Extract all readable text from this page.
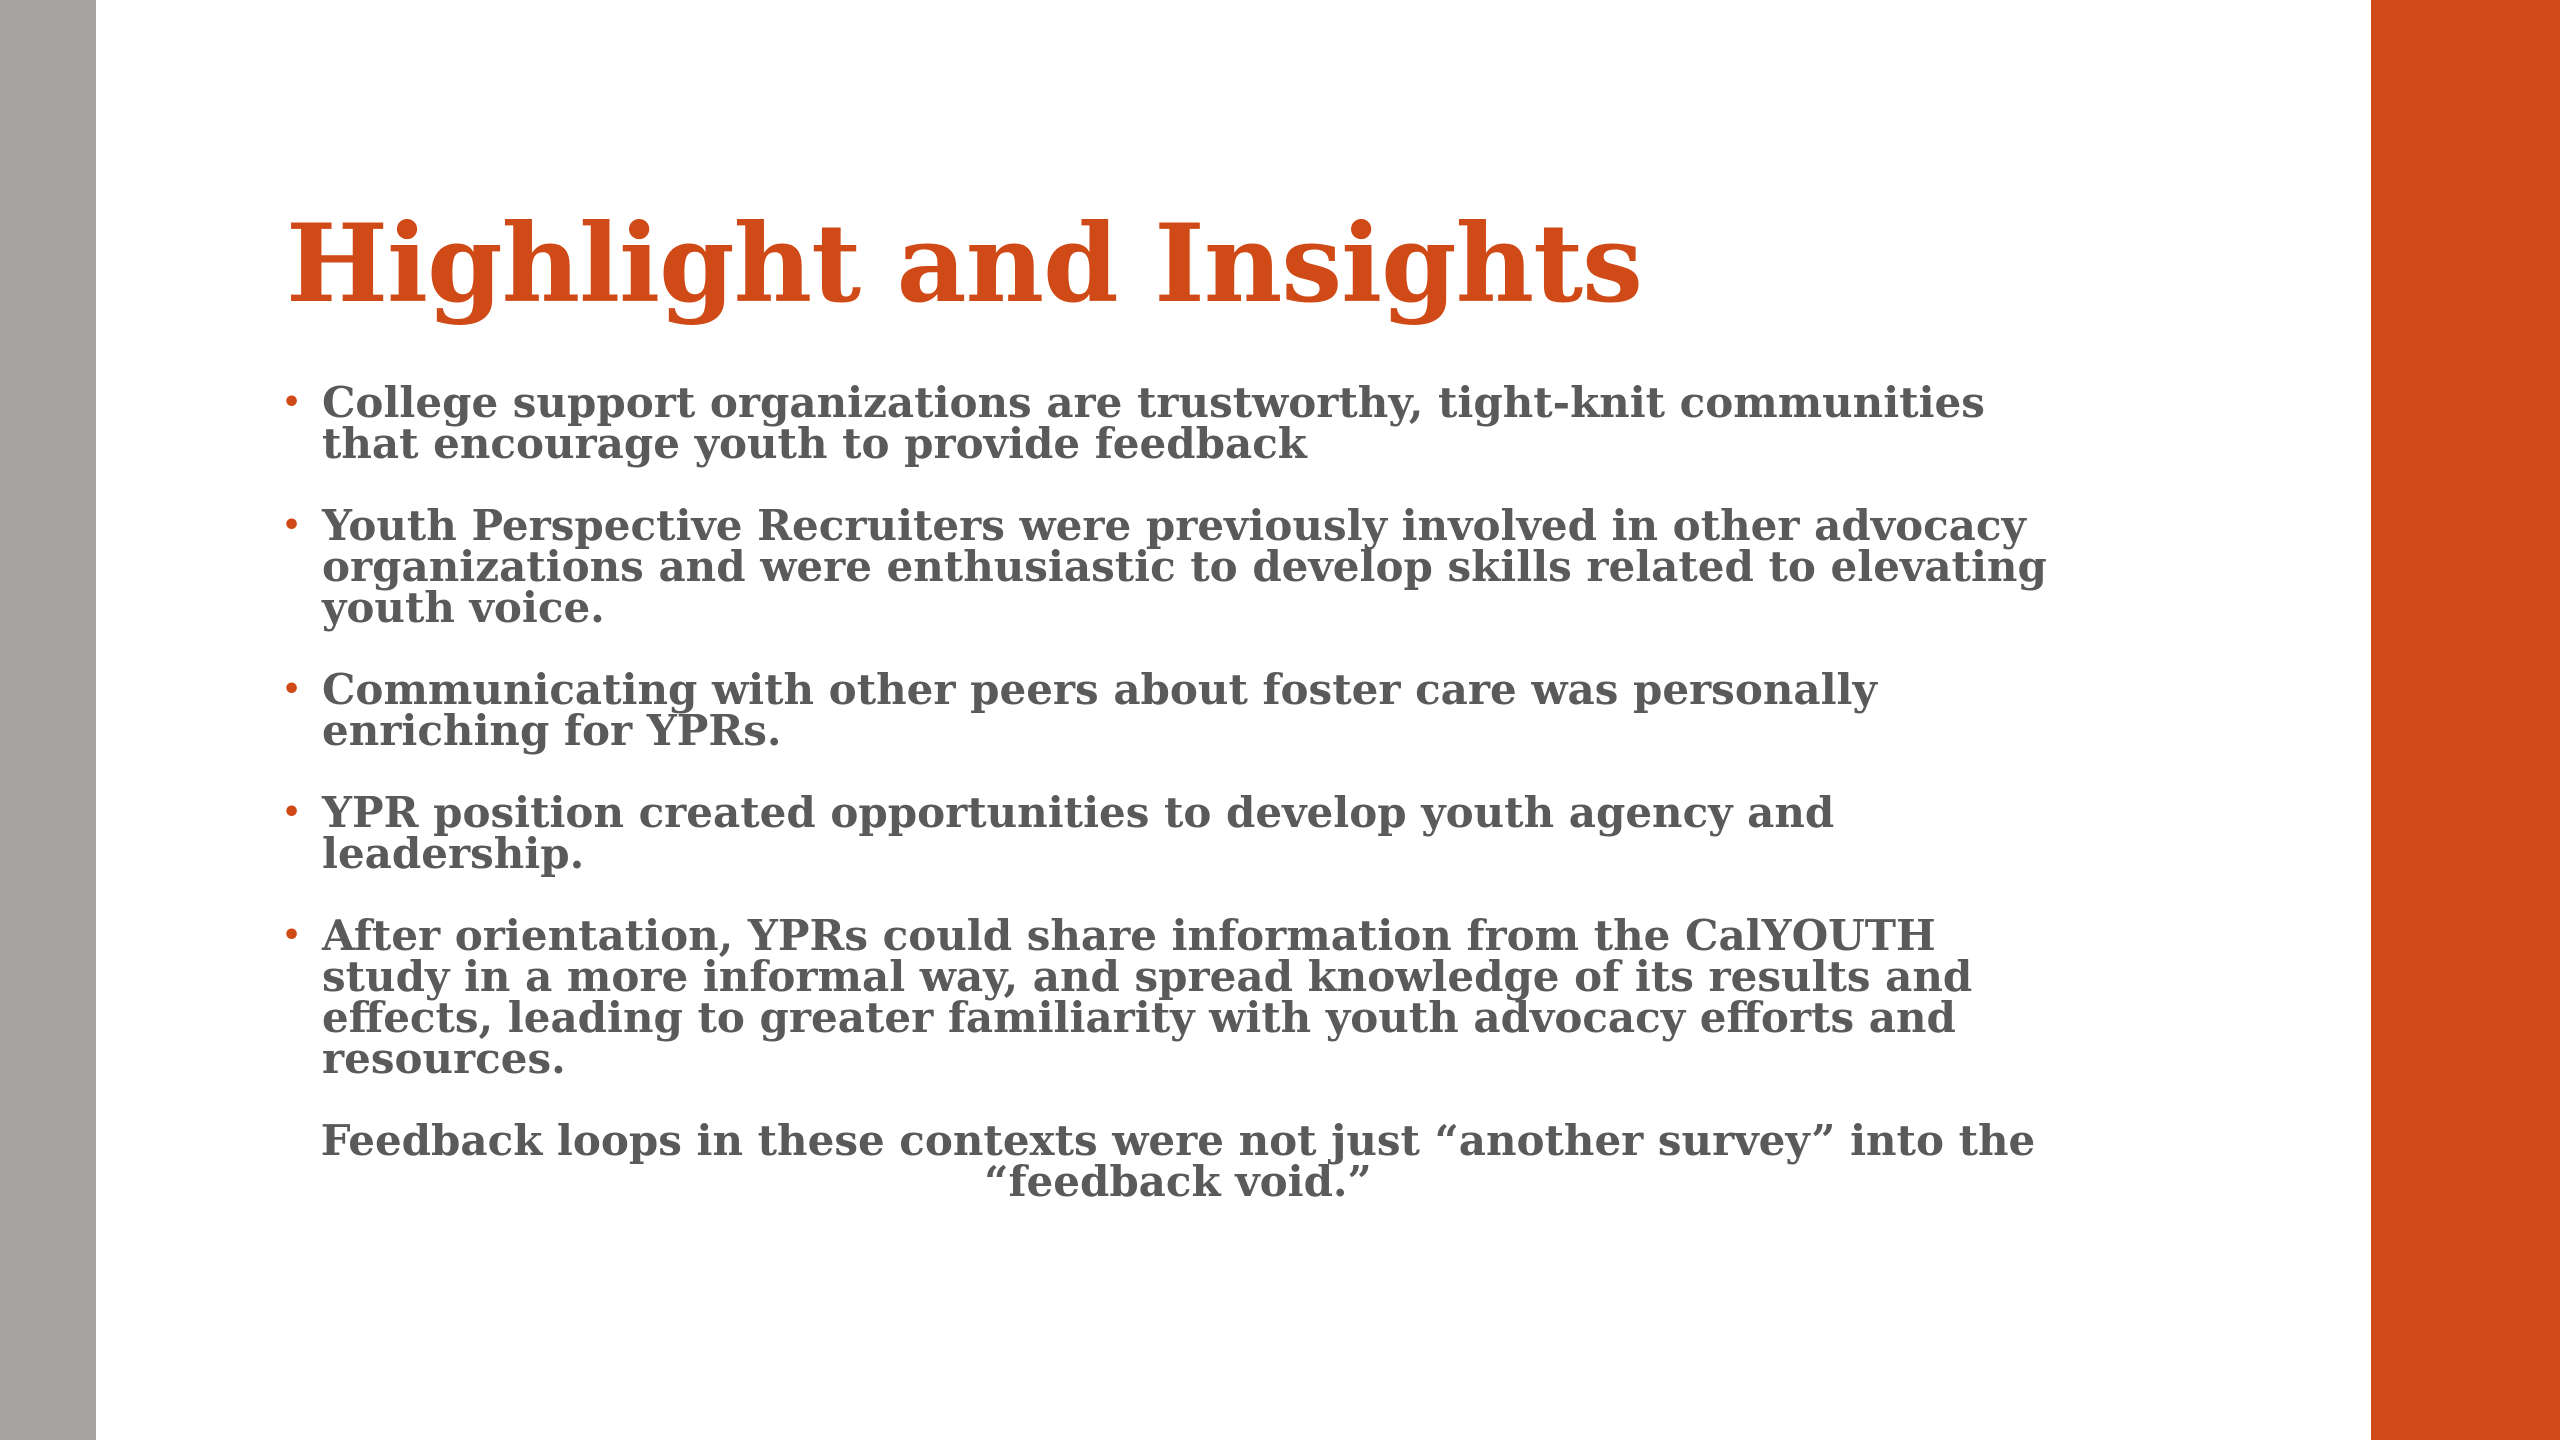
Highlight and Insights
• College support organizations are trustworthy, tight-knit communities that encourage youth to provide feedback
• Youth Perspective Recruiters were previously involved in other advocacy organizations and were enthusiastic to develop skills related to elevating youth voice.
• Communicating with other peers about foster care was personally enriching for YPRs.
• YPR position created opportunities to develop youth agency and leadership.
• After orientation, YPRs could share information from the CalYOUTH study in a more informal way, and spread knowledge of its results and effects, leading to greater familiarity with youth advocacy efforts and resources.

Feedback loops in these contexts were not just “another survey” into the “feedback void.”
